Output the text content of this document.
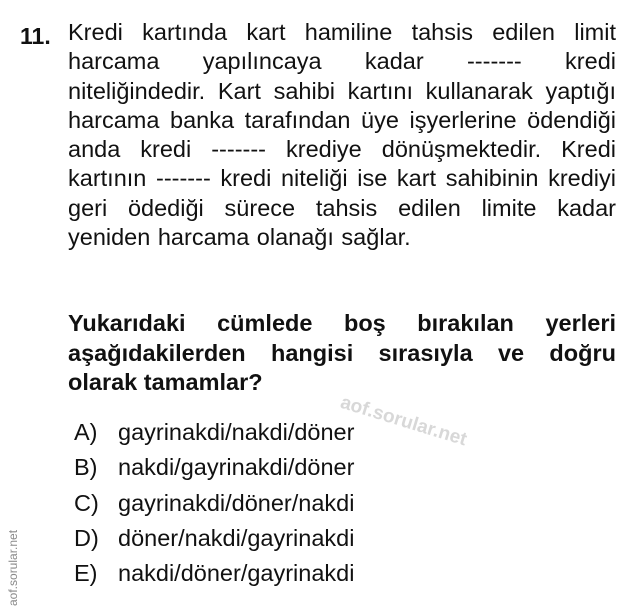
11. Kredi kartında kart hamiline tahsis edilen limit harcama yapılıncaya kadar ------- kredi niteliğindedir. Kart sahibi kartını kullanarak yaptığı harcama banka tarafından üye işyerlerine ödendiği anda kredi ------- krediye dönüşmektedir. Kredi kartının ------- kredi niteliği ise kart sahibinin krediyi geri ödediği sürece tahsis edilen limite kadar yeniden harcama olanağı sağlar.
Yukarıdaki cümlede boş bırakılan yerleri aşağıdakilerden hangisi sırasıyla ve doğru olarak tamamlar?
A) gayrinakdi/nakdi/döner
B) nakdi/gayrinakdi/döner
C) gayrinakdi/döner/nakdi
D) döner/nakdi/gayrinakdi
E) nakdi/döner/gayrinakdi
aof.sorular.net
aof.sorular.net
